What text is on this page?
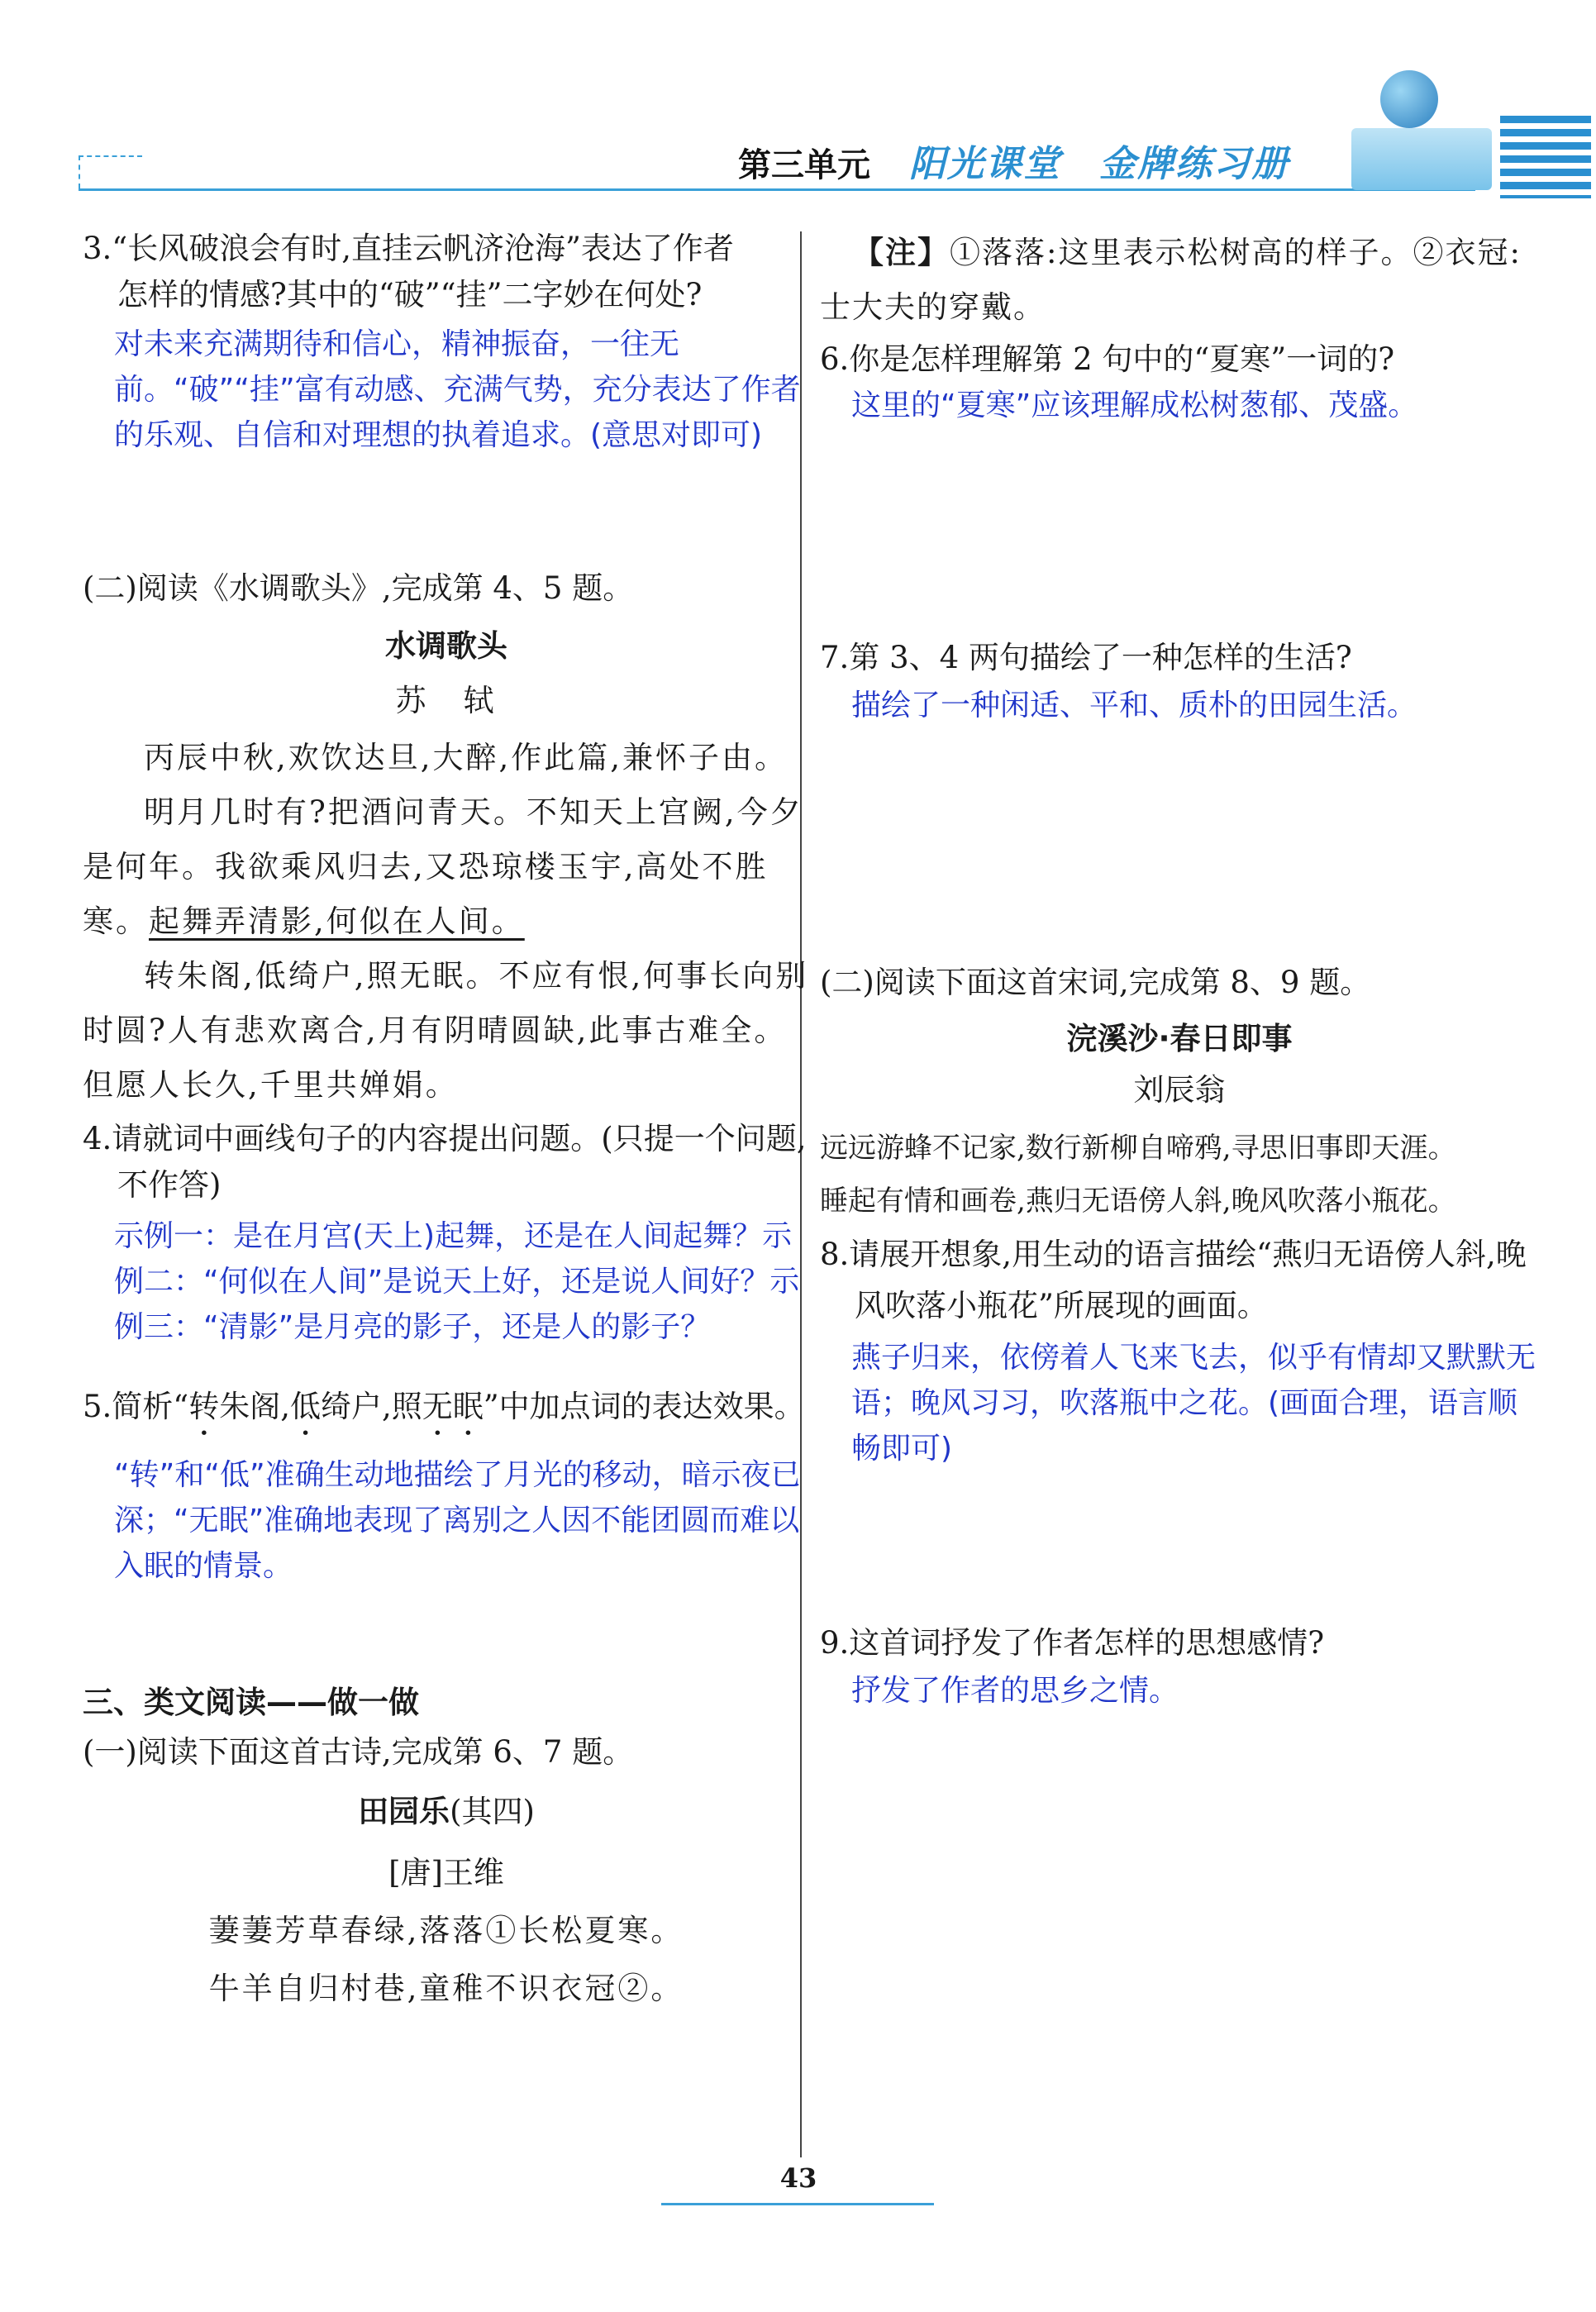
第三单元 阳光课堂　金牌练习册

3.“长风破浪会有时,直挂云帆济沧海”表达了作者
怎样的情感?其中的“破”“挂”二字妙在何处?

对未来充满期待和信心，精神振奋，一往无前。“破”“挂”富有动感、充满气势，充分表达了作者的乐观、自信和对理想的执着追求。(意思对即可)

(二)阅读《水调歌头》,完成第 4、5 题。

水调歌头

苏　轼

丙辰中秋,欢饮达旦,大醉,作此篇,兼怀子由。

明月几时有?把酒问青天。不知天上宫阙,今夕是何年。我欲乘风归去,又恐琼楼玉宇,高处不胜寒。起舞弄清影,何似在人间。

转朱阁,低绮户,照无眠。不应有恨,何事长向别时圆?人有悲欢离合,月有阴晴圆缺,此事古难全。但愿人长久,千里共婵娟。

4.请就词中画线句子的内容提出问题。(只提一个问题,不作答)

示例一：是在月宫(天上)起舞，还是在人间起舞？示例二：“何似在人间”是说天上好，还是说人间好？示例三：“清影”是月亮的影子，还是人的影子？

5.简析“转朱阁,低绮户,照无眠”中加点词的表达效果。

“转”和“低”准确生动地描绘了月光的移动，暗示夜已深；“无眠”准确地表现了离别之人因不能团圆而难以入眠的情景。

三、类文阅读——做一做

(一)阅读下面这首古诗,完成第 6、7 题。

田园乐(其四)

[唐]王维

萋萋芳草春绿,落落①长松夏寒。

牛羊自归村巷,童稚不识衣冠②。

【注】①落落:这里表示松树高的样子。②衣冠:士大夫的穿戴。

6.你是怎样理解第 2 句中的“夏寒”一词的?

这里的“夏寒”应该理解成松树葱郁、茂盛。

7.第 3、4 两句描绘了一种怎样的生活?

描绘了一种闲适、平和、质朴的田园生活。

(二)阅读下面这首宋词,完成第 8、9 题。

浣溪沙·春日即事

刘辰翁

远远游蜂不记家,数行新柳自啼鸦,寻思旧事即天涯。

睡起有情和画卷,燕归无语傍人斜,晚风吹落小瓶花。

8.请展开想象,用生动的语言描绘“燕归无语傍人斜,晚风吹落小瓶花”所展现的画面。

燕子归来，依傍着人飞来飞去，似乎有情却又默默无语；晚风习习，吹落瓶中之花。(画面合理，语言顺畅即可)

9.这首词抒发了作者怎样的思想感情?

抒发了作者的思乡之情。

43
